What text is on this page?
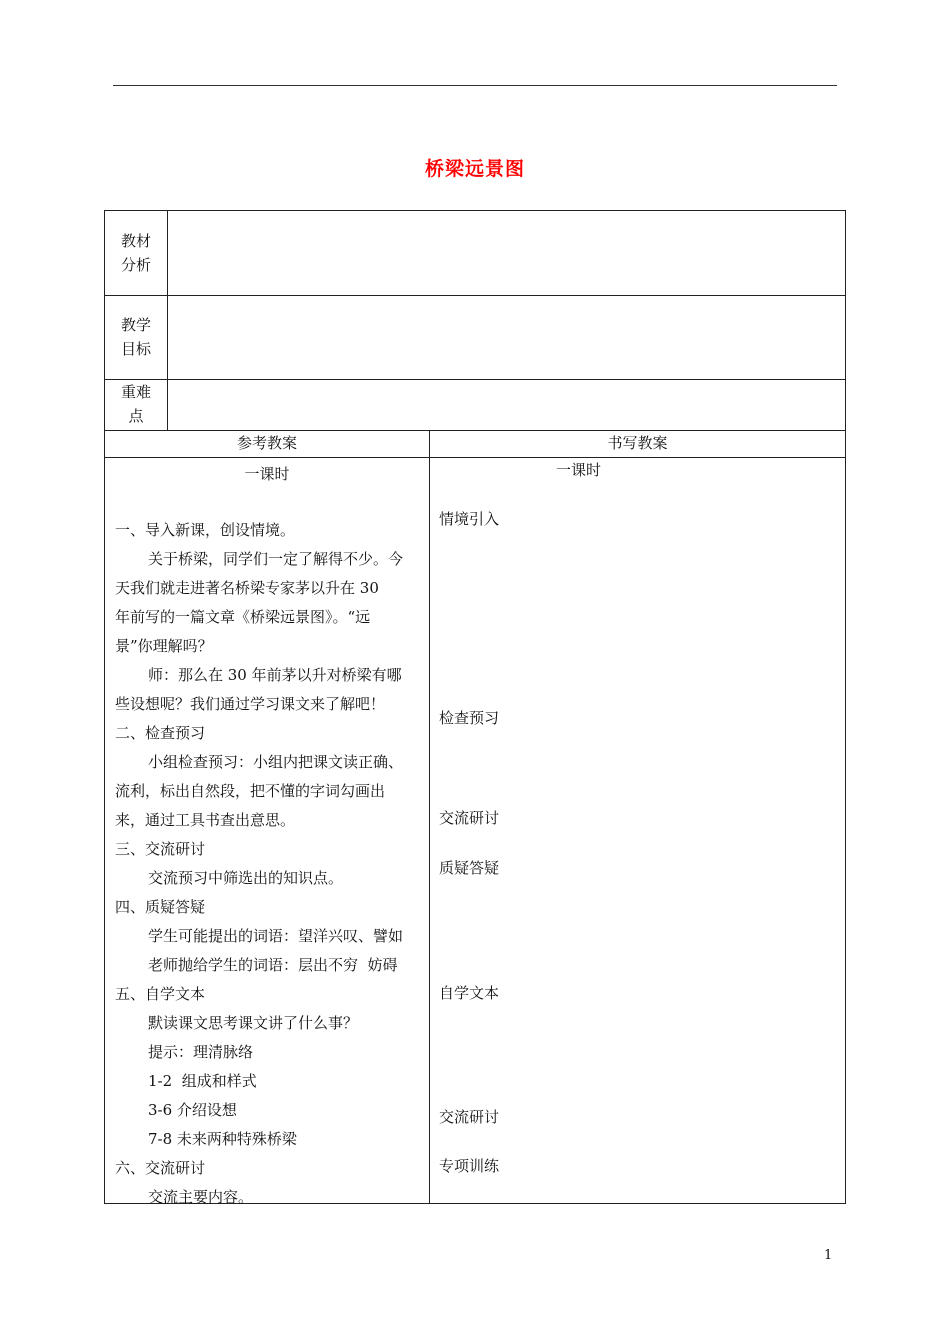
桥梁远景图
教材
分析
教学
目标
重难
点
参考教案	书写教案
一课时
一、导入新课，创设情境。
关于桥梁，同学们一定了解得不少。今
天我们就走进著名桥梁专家茅以升在 30
年前写的一篇文章《桥梁远景图》。“远
景”你理解吗？
师：那么在 30 年前茅以升对桥梁有哪
些设想呢？我们通过学习课文来了解吧！
二、检查预习
小组检查预习：小组内把课文读正确、
流利，标出自然段，把不懂的字词勾画出
来，通过工具书查出意思。
三、交流研讨
交流预习中筛选出的知识点。
四、质疑答疑
学生可能提出的词语：望洋兴叹、譬如
老师抛给学生的词语：层出不穷  妨碍
五、自学文本
默读课文思考课文讲了什么事？
提示：理清脉络
1-2  组成和样式
3-6 介绍设想
7-8 未来两种特殊桥梁
六、交流研讨
交流主要内容。
一课时
情境引入
检查预习
交流研讨
质疑答疑
自学文本
交流研讨
专项训练
1
